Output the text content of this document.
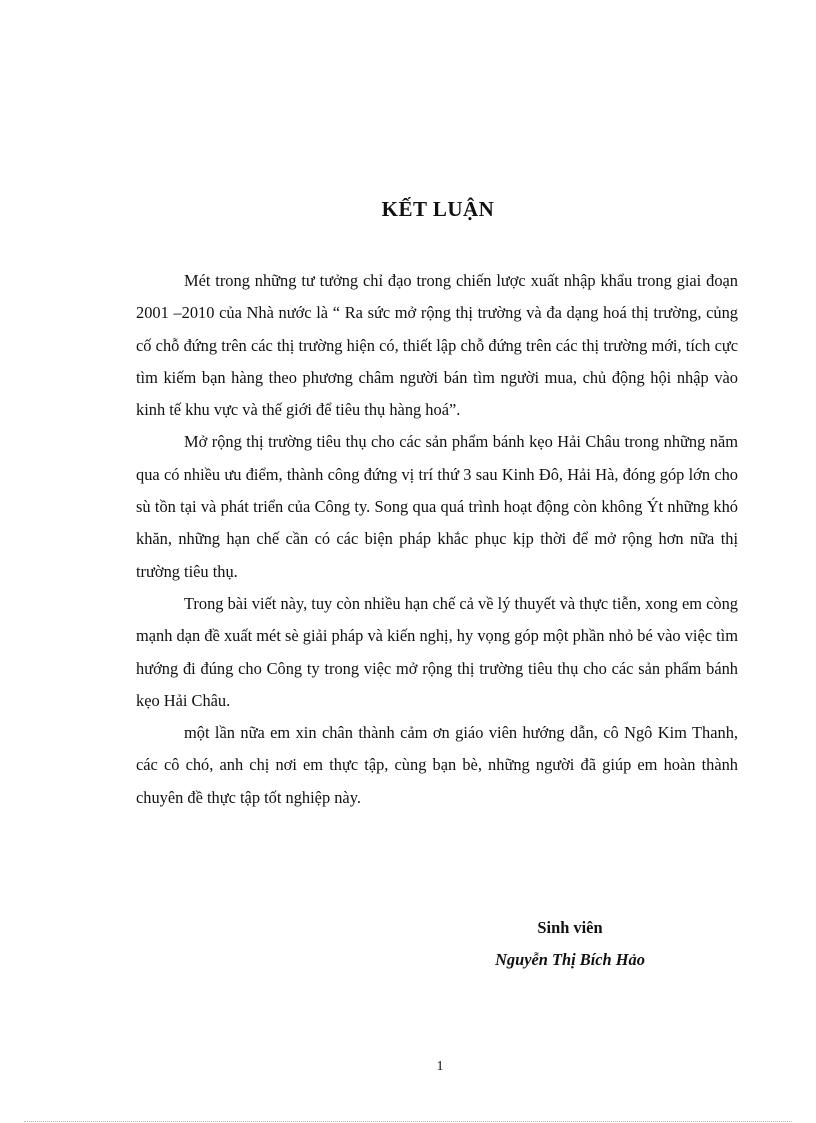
KẾT LUẬN

Mét trong những tư tưởng chỉ đạo trong chiến lược xuất nhập khẩu trong giai đoạn 2001 –2010 của Nhà nước là “ Ra sức mở rộng thị trường và đa dạng hoá thị trường, củng cố chỗ đứng trên các thị trường hiện có, thiết lập chỗ đứng trên các thị trường mới, tích cực tìm kiếm bạn hàng theo phương châm người bán tìm người mua, chủ động hội nhập vào kinh tế khu vực và thế giới để tiêu thụ hàng hoá”.

Mở rộng thị trường tiêu thụ cho các sản phẩm bánh kẹo Hải Châu trong những năm qua có nhiều ưu điểm, thành công đứng vị trí thứ 3 sau Kinh Đô, Hải Hà, đóng góp lớn cho sù tồn tại và phát triển của Công ty. Song qua quá trình hoạt động còn không Ýt những khó khăn, những hạn chế cần có các biện pháp khắc phục kịp thời để mở rộng hơn nữa thị trường tiêu thụ.

Trong bài viết này, tuy còn nhiều hạn chế cả về lý thuyết và thực tiễn, xong em còng mạnh dạn đề xuất mét sè giải pháp và kiến nghị, hy vọng góp một phần nhỏ bé vào việc tìm hướng đi đúng cho Công ty trong việc mở rộng thị trường tiêu thụ cho các sản phẩm bánh kẹo Hải Châu.

một lần nữa em xin chân thành cảm ơn giáo viên hướng dẫn, cô Ngô Kim Thanh, các cô chó, anh chị nơi em thực tập, cùng bạn bè, những người đã giúp em hoàn thành chuyên đề thực tập tốt nghiệp này.

Sinh viên
Nguyễn Thị Bích Hảo
1
